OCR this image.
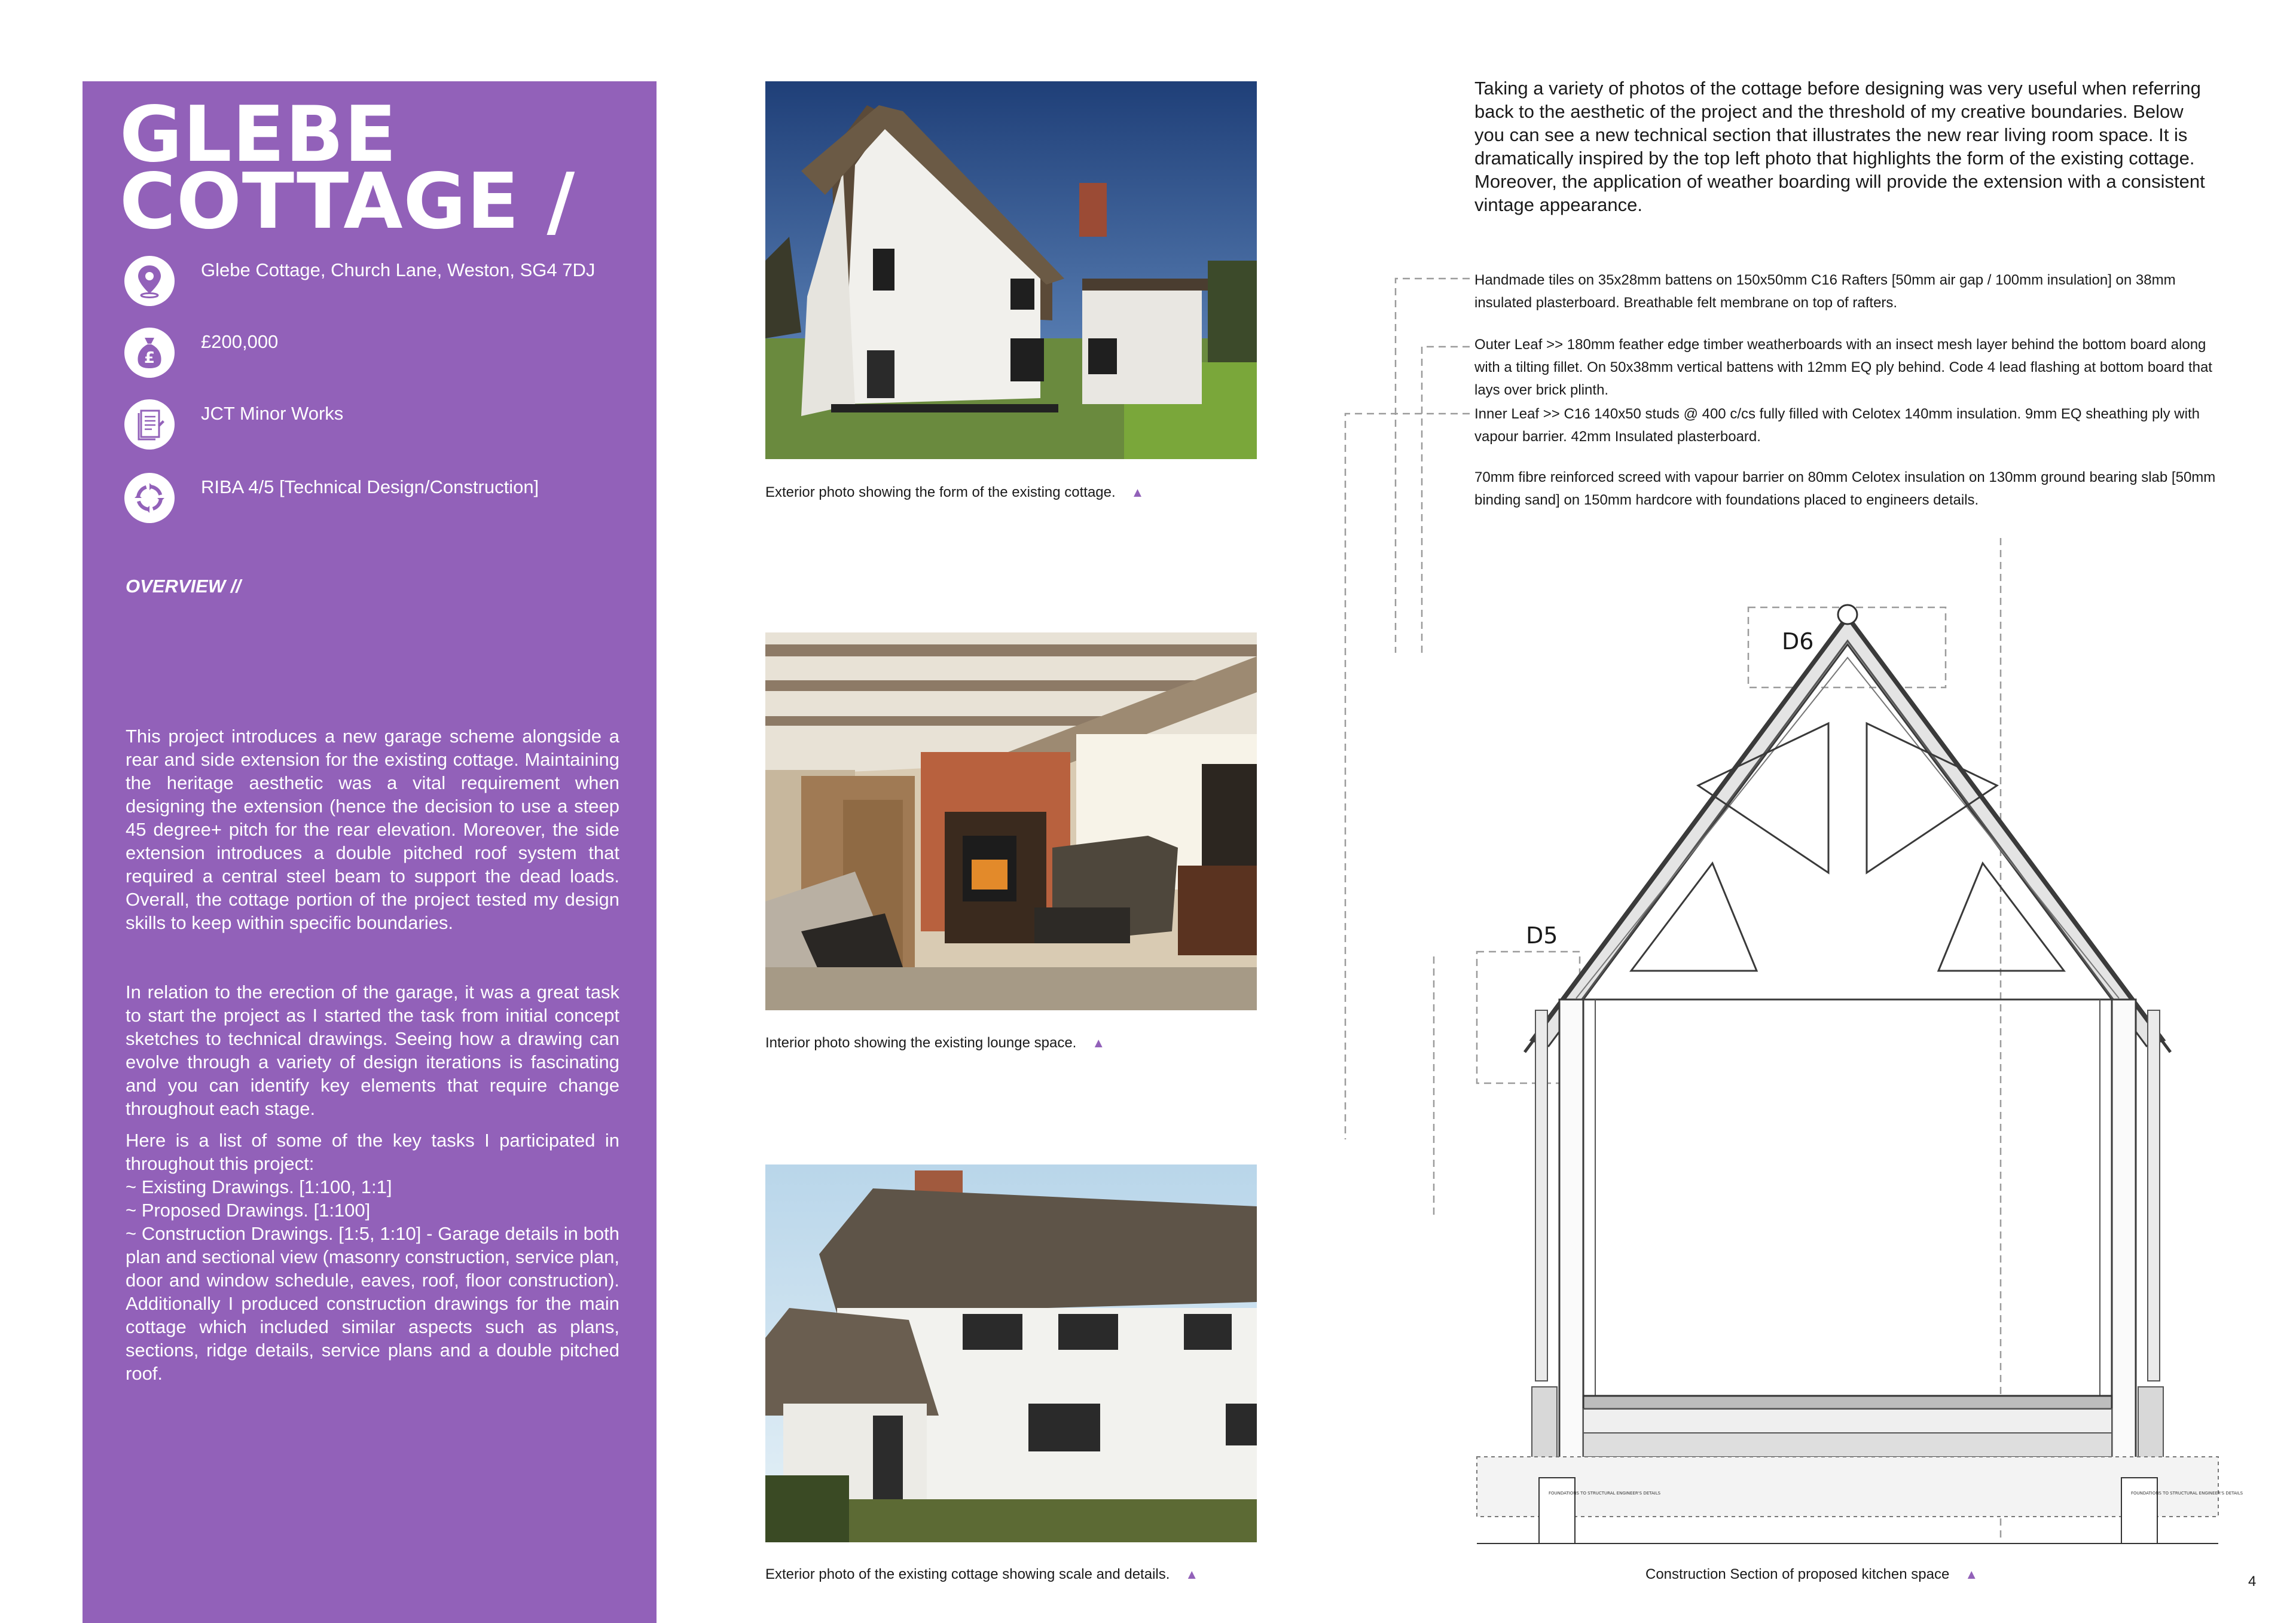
GLEBE
COTTAGE /
Glebe Cottage, Church Lane, Weston, SG4 7DJ
£
£200,000
JCT Minor Works
RIBA 4/5 [Technical Design/Construction]
OVERVIEW //

This project introduces a new garage scheme alongside a rear and side extension for the existing cottage. Maintaining the heritage aesthetic was a vital requirement when designing the extension (hence the decision to use a steep 45 degree+ pitch for the rear elevation. Moreover, the side extension introduces a double pitched roof system that required a central steel beam to support the dead loads. Overall, the cottage portion of the project tested my design skills to keep within specific boundaries.

In relation to the erection of the garage, it was a great task to start the project as I started the task from initial concept sketches to technical drawings. Seeing how a drawing can evolve through a variety of design iterations is fascinating and you can identify key elements that require change throughout each stage.

Here is a list of some of the key tasks I participated in throughout this project:

~ Existing Drawings. [1:100, 1:1]

~ Proposed Drawings. [1:100]

~ Construction Drawings. [1:5, 1:10] - Garage details in both plan and sectional view (masonry construction, service plan, door and window schedule, eaves, roof, floor construction). Additionally I produced construction drawings for the main cottage which included similar aspects such as plans, sections, ridge details, service plans and a double pitched roof.

Exterior photo showing the form of the existing cottage. ▲
Interior photo showing the existing lounge space. ▲
Exterior photo of the existing cottage showing scale and details. ▲

Taking a variety of photos of the cottage before designing was very useful when referring back to the aesthetic of the project and the threshold of my creative boundaries. Below you can see a new technical section that illustrates the new rear living room space. It is dramatically inspired by the top left photo that highlights the form of the existing cottage. Moreover, the application of weather boarding will provide the extension with a consistent vintage appearance.

Handmade tiles on 35x28mm battens on 150x50mm C16 Rafters [50mm air gap / 100mm insulation] on 38mm insulated plasterboard. Breathable felt membrane on top of rafters.

Outer Leaf >> 180mm feather edge timber weatherboards with an insect mesh layer behind the bottom board along with a tilting fillet. On 50x38mm vertical battens with 12mm EQ ply behind. Code 4 lead flashing at bottom board that lays over brick plinth.

Inner Leaf >> C16 140x50 studs @ 400 c/cs fully filled with Celotex 140mm insulation. 9mm EQ sheathing ply with vapour barrier. 42mm Insulated plasterboard.

70mm fibre reinforced screed with vapour barrier on 80mm Celotex insulation on 130mm ground bearing slab [50mm binding sand] on 150mm hardcore with foundations placed to engineers details.

D6
D5
FOUNDATIONS TO STRUCTURAL ENGINEER'S DETAILS	FOUNDATIONS TO STRUCTURAL ENGINEER'S DETAILS
Construction Section of proposed kitchen space ▲	4
